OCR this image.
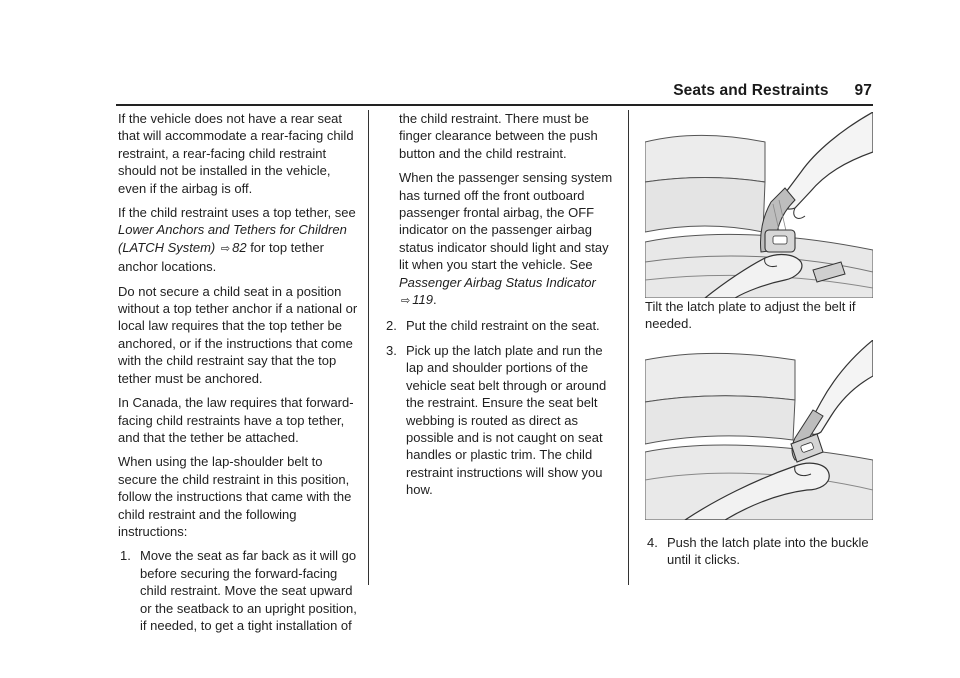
Seats and Restraints 97

If the vehicle does not have a rear seat that will accommodate a rear-facing child restraint, a rear-facing child restraint should not be installed in the vehicle, even if the airbag is off.

If the child restraint uses a top tether, see Lower Anchors and Tethers for Children (LATCH System) ⇨ 82 for top tether anchor locations.

Do not secure a child seat in a position without a top tether anchor if a national or local law requires that the top tether be anchored, or if the instructions that come with the child restraint say that the top tether must be anchored.

In Canada, the law requires that forward-facing child restraints have a top tether, and that the tether be attached.

When using the lap-shoulder belt to secure the child restraint in this position, follow the instructions that came with the child restraint and the following instructions:

1. Move the seat as far back as it will go before securing the forward-facing child restraint. Move the seat upward or the seatback to an upright position, if needed, to get a tight installation of

the child restraint. There must be finger clearance between the push button and the child restraint.

When the passenger sensing system has turned off the front outboard passenger frontal airbag, the OFF indicator on the passenger airbag status indicator should light and stay lit when you start the vehicle. See Passenger Airbag Status Indicator ⇨ 119.

2. Put the child restraint on the seat.
3. Pick up the latch plate and run the lap and shoulder portions of the vehicle seat belt through or around the restraint. Ensure the seat belt webbing is routed as direct as possible and is not caught on seat handles or plastic trim. The child restraint instructions will show you how.

Tilt the latch plate to adjust the belt if needed.

4. Push the latch plate into the buckle until it clicks.
